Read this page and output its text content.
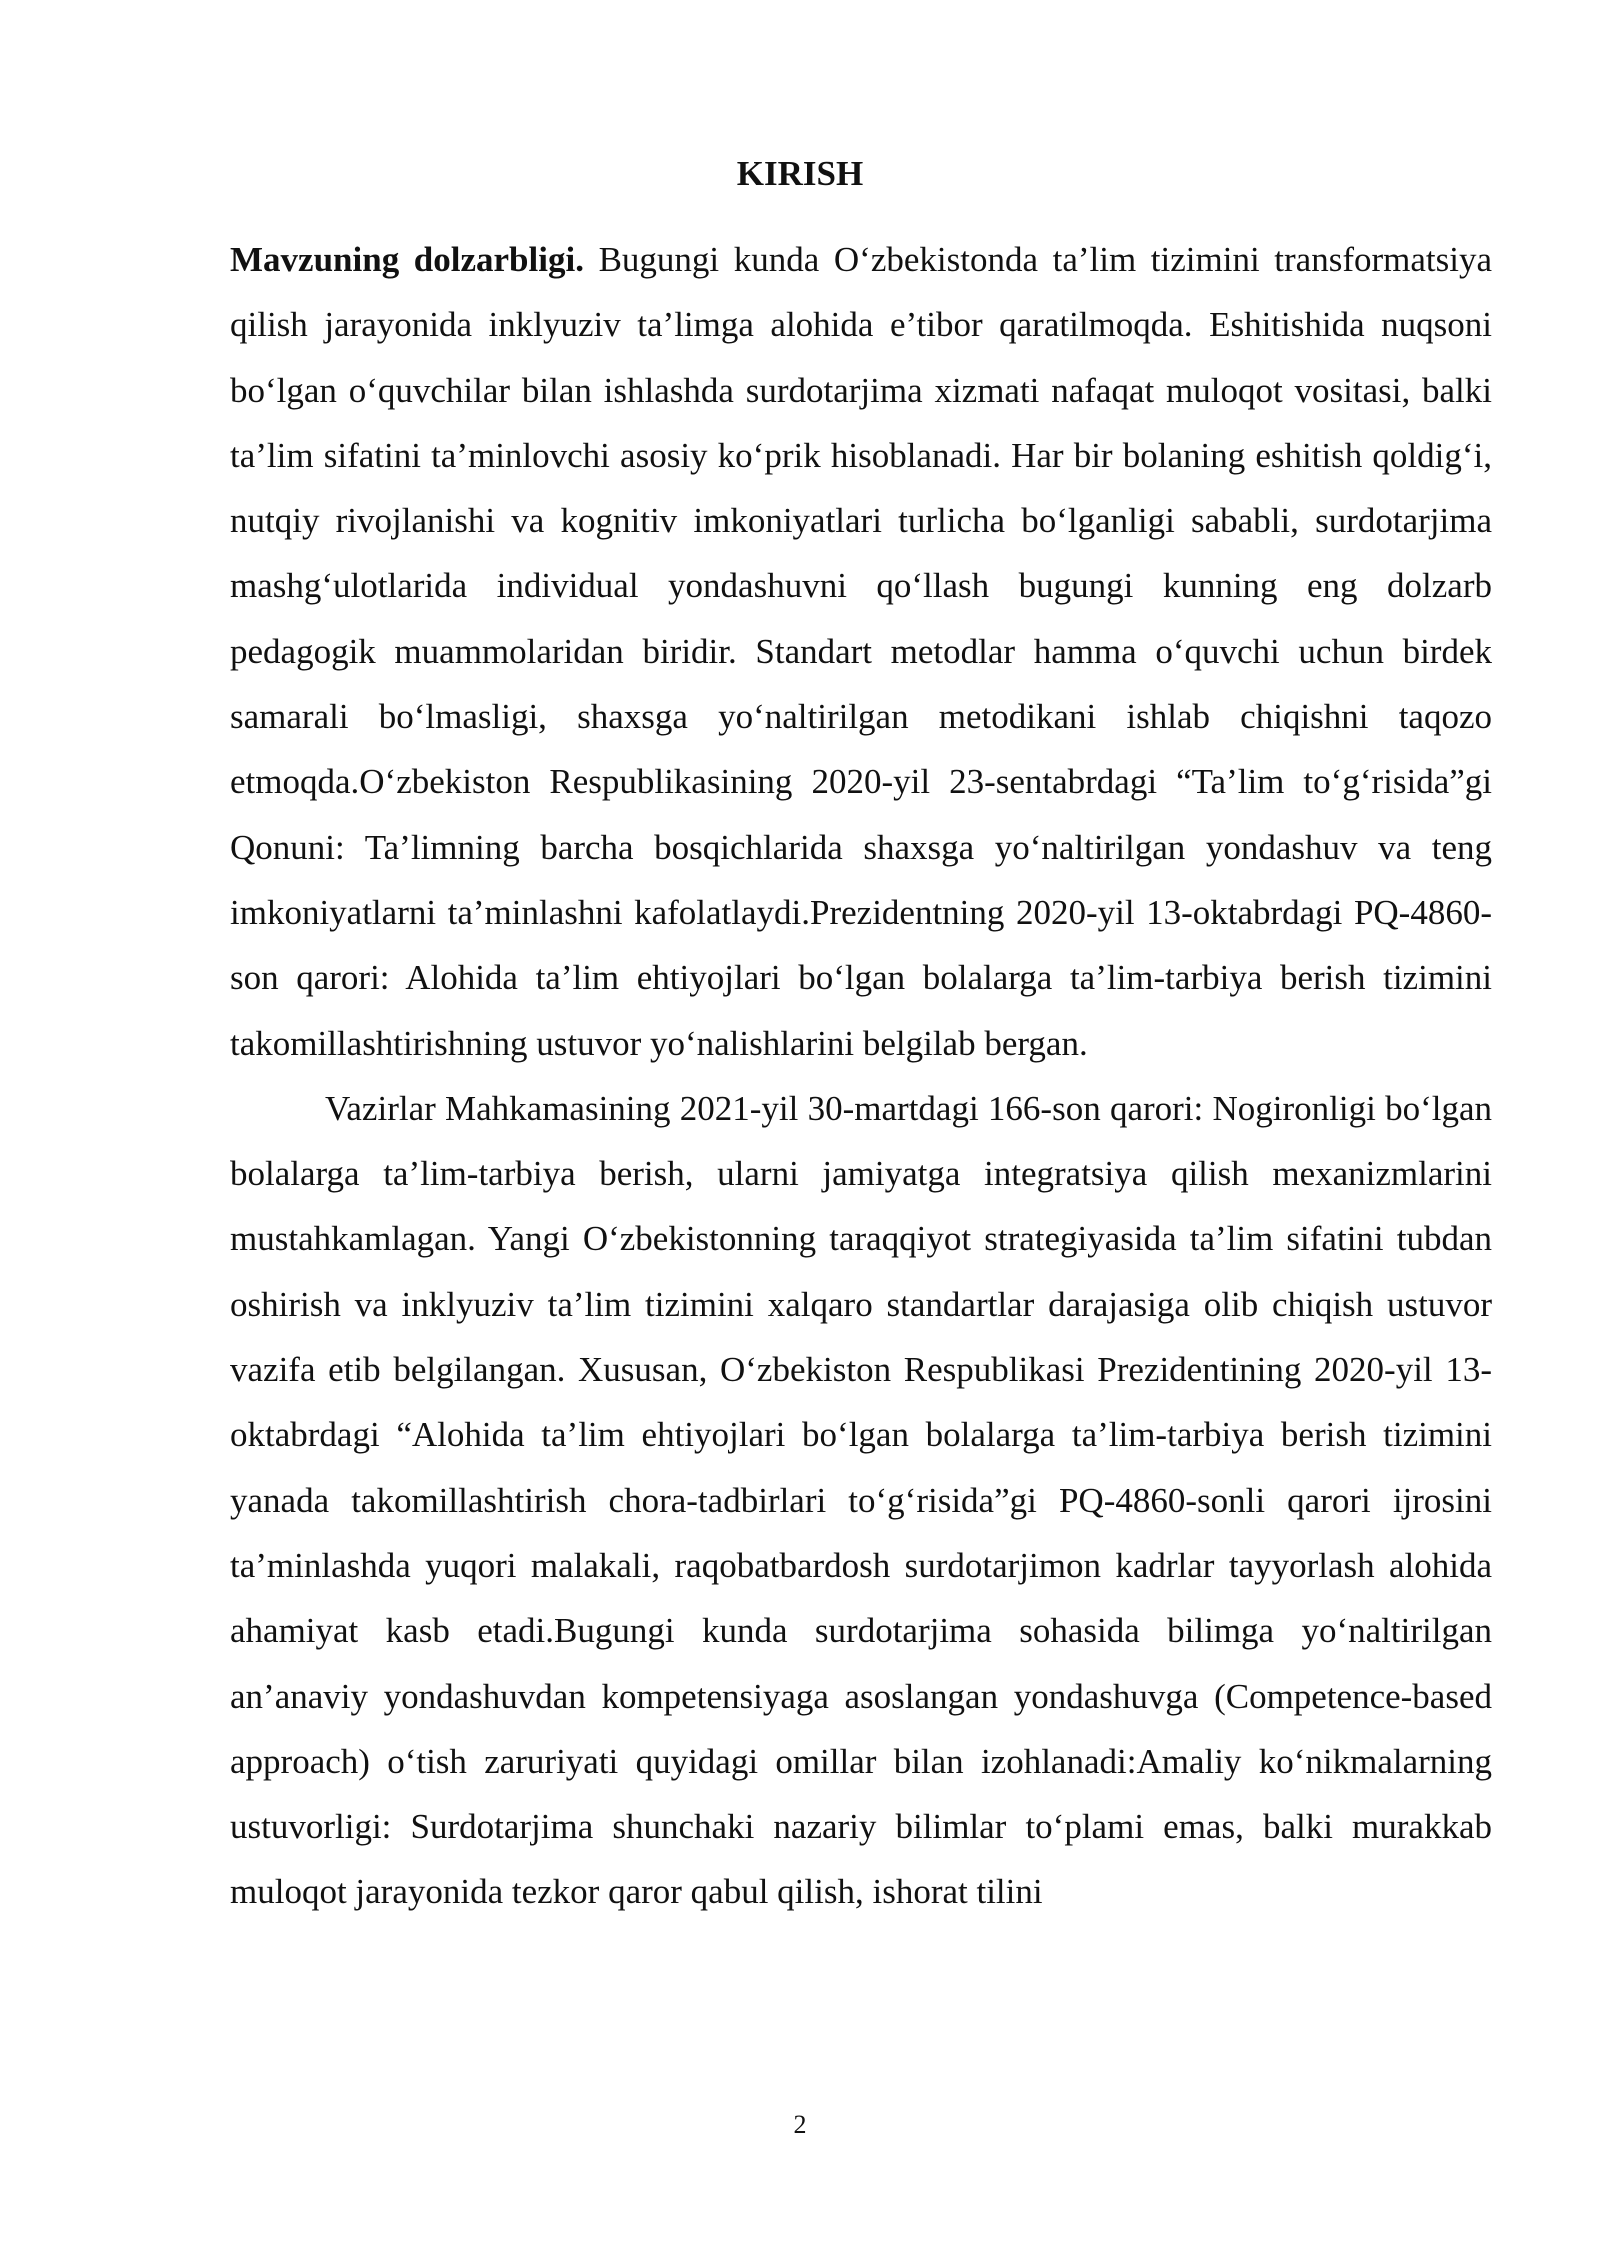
KIRISH

Mavzuning dolzarbligi. Bugungi kunda O‘zbekistonda ta’lim tizimini transformatsiya qilish jarayonida inklyuziv ta’limga alohida e’tibor qaratilmoqda. Eshitishida nuqsoni bo‘lgan o‘quvchilar bilan ishlashda surdotarjima xizmati nafaqat muloqot vositasi, balki ta’lim sifatini ta’minlovchi asosiy ko‘prik hisoblanadi. Har bir bolaning eshitish qoldig‘i, nutqiy rivojlanishi va kognitiv imkoniyatlari turlicha bo‘lganligi sababli, surdotarjima mashg‘ulotlarida individual yondashuvni qo‘llash bugungi kunning eng dolzarb pedagogik muammolaridan biridir. Standart metodlar hamma o‘quvchi uchun birdek samarali bo‘lmasligi, shaxsga yo‘naltirilgan metodikani ishlab chiqishni taqozo etmoqda.O‘zbekiston Respublikasining 2020-yil 23-sentabrdagi “Ta’lim to‘g‘risida”gi Qonuni: Ta’limning barcha bosqichlarida shaxsga yo‘naltirilgan yondashuv va teng imkoniyatlarni ta’minlashni kafolatlaydi.Prezidentning 2020-yil 13-oktabrdagi PQ-4860-son qarori: Alohida ta’lim ehtiyojlari bo‘lgan bolalarga ta’lim-tarbiya berish tizimini takomillashtirishning ustuvor yo‘nalishlarini belgilab bergan.

Vazirlar Mahkamasining 2021-yil 30-martdagi 166-son qarori: Nogironligi bo‘lgan bolalarga ta’lim-tarbiya berish, ularni jamiyatga integratsiya qilish mexanizmlarini mustahkamlagan. Yangi O‘zbekistonning taraqqiyot strategiyasida ta’lim sifatini tubdan oshirish va inklyuziv ta’lim tizimini xalqaro standartlar darajasiga olib chiqish ustuvor vazifa etib belgilangan. Xususan, O‘zbekiston Respublikasi Prezidentining 2020-yil 13-oktabrdagi “Alohida ta’lim ehtiyojlari bo‘lgan bolalarga ta’lim-tarbiya berish tizimini yanada takomillashtirish chora-tadbirlari to‘g‘risida”gi PQ-4860-sonli qarori ijrosini ta’minlashda yuqori malakali, raqobatbardosh surdotarjimon kadrlar tayyorlash alohida ahamiyat kasb etadi.Bugungi kunda surdotarjima sohasida bilimga yo‘naltirilgan an’anaviy yondashuvdan kompetensiyaga asoslangan yondashuvga (Competence-based approach) o‘tish zaruriyati quyidagi omillar bilan izohlanadi:Amaliy ko‘nikmalarning ustuvorligi: Surdotarjima shunchaki nazariy bilimlar to‘plami emas, balki murakkab muloqot jarayonida tezkor qaror qabul qilish, ishorat tilini

2
